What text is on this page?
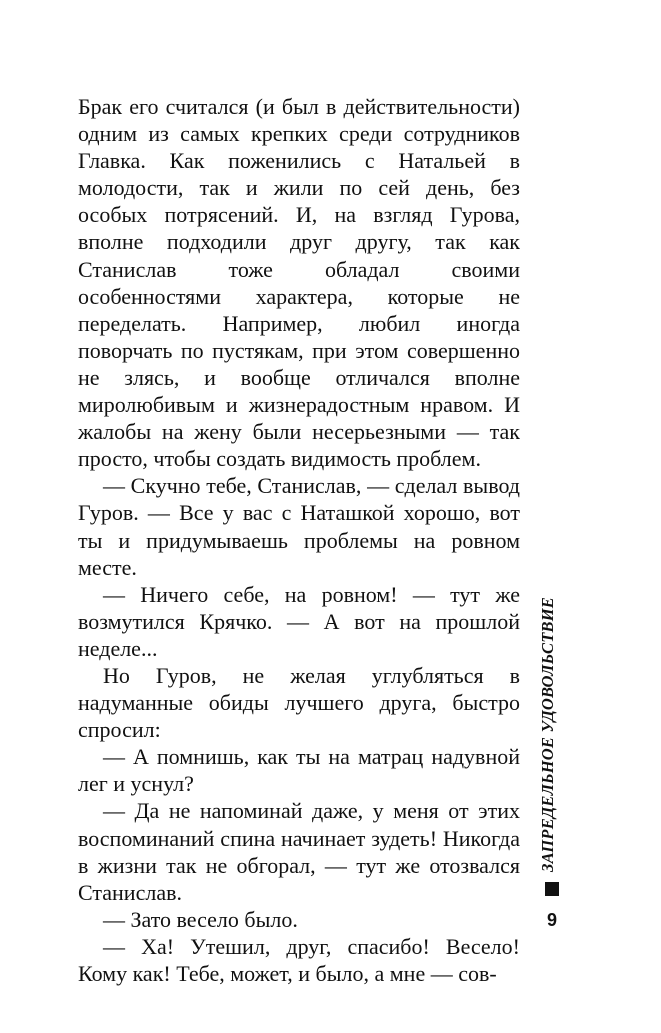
Брак его считался (и был в действительности) одним из самых крепких среди сотрудников Главка. Как поженились с Натальей в молодости, так и жили по сей день, без особых потрясений. И, на взгляд Гурова, вполне подходили друг другу, так как Станислав тоже обладал своими особенностями характера, которые не переделать. Например, любил иногда поворчать по пустякам, при этом совершенно не злясь, и вообще отличался вполне миролюбивым и жизнерадостным нравом. И жалобы на жену были несерьезными — так просто, чтобы создать видимость проблем.

— Скучно тебе, Станислав, — сделал вывод Гуров. — Все у вас с Наташкой хорошо, вот ты и придумываешь проблемы на ровном месте.

— Ничего себе, на ровном! — тут же возмутился Крячко. — А вот на прошлой неделе...

Но Гуров, не желая углубляться в надуманные обиды лучшего друга, быстро спросил:

— А помнишь, как ты на матрац надувной лег и уснул?

— Да не напоминай даже, у меня от этих воспоминаний спина начинает зудеть! Никогда в жизни так не обгорал, — тут же отозвался Станислав.

— Зато весело было.

— Ха! Утешил, друг, спасибо! Весело! Кому как! Тебе, может, и было, а мне — сов-

ЗАПРЕДЕЛЬНОЕ УДОВОЛЬСТВИЕ
9
